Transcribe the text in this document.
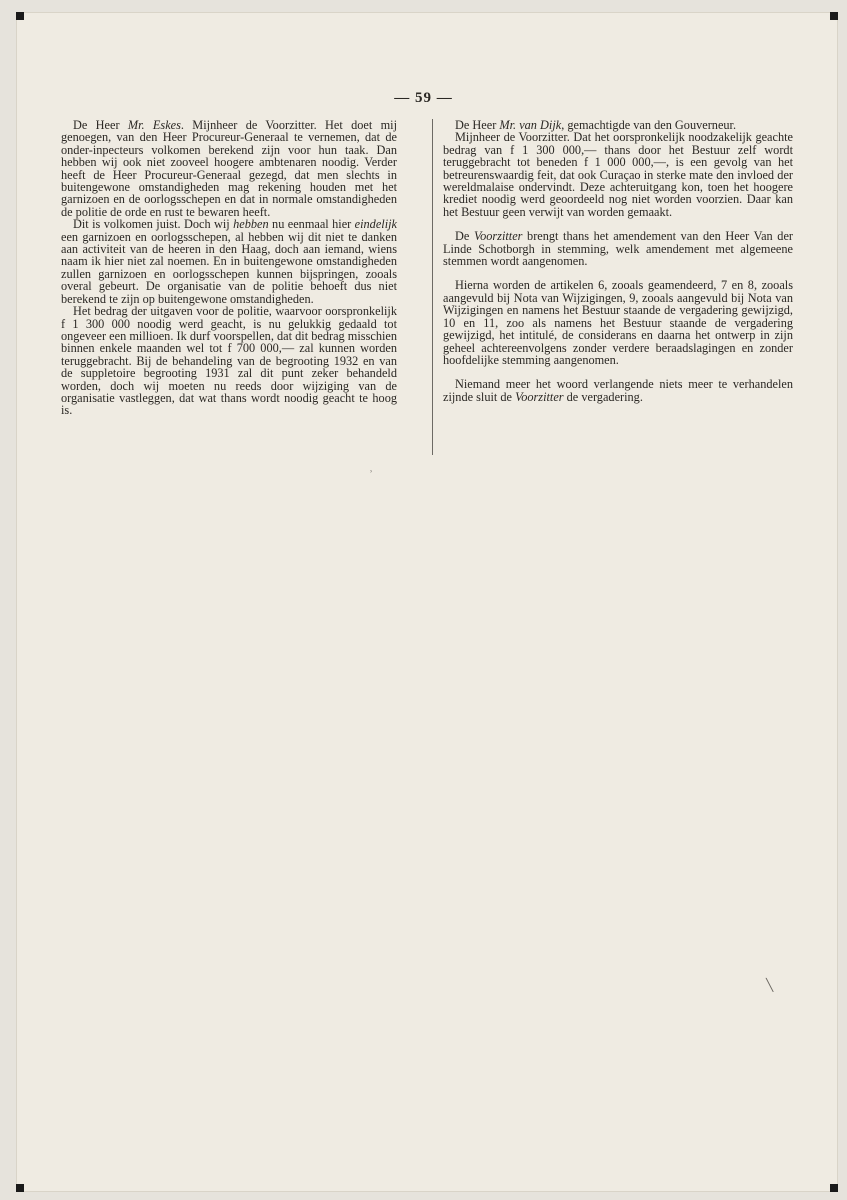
— 59 —

De Heer Mr. Eskes. Mijnheer de Voorzitter. Het doet mij genoegen, van den Heer Procureur-Generaal te vernemen, dat de onder-inpecteurs volkomen berekend zijn voor hun taak. Dan hebben wij ook niet zooveel hoogere ambtenaren noodig. Verder heeft de Heer Procureur-Generaal gezegd, dat men slechts in buitengewone omstandigheden mag rekening houden met het garnizoen en de oorlogsschepen en dat in normale omstandigheden de politie de orde en rust te bewaren heeft.

Dit is volkomen juist. Doch wij hebben nu eenmaal hier eindelijk een garnizoen en oorlogsschepen, al hebben wij dit niet te danken aan activiteit van de heeren in den Haag, doch aan iemand, wiens naam ik hier niet zal noemen. En in buitengewone omstandigheden zullen garnizoen en oorlogsschepen kunnen bijspringen, zooals overal gebeurt. De organisatie van de politie behoeft dus niet berekend te zijn op buitengewone omstandigheden.

Het bedrag der uitgaven voor de politie, waarvoor oorspronkelijk f 1 300 000 noodig werd geacht, is nu gelukkig gedaald tot ongeveer een millioen. Ik durf voorspellen, dat dit bedrag misschien binnen enkele maanden wel tot f 700 000,— zal kunnen worden teruggebracht. Bij de behandeling van de begrooting 1932 en van de suppletoire begrooting 1931 zal dit punt zeker behandeld worden, doch wij moeten nu reeds door wijziging van de organisatie vastleggen, dat wat thans wordt noodig geacht te hoog is.

De Heer Mr. van Dijk, gemachtigde van den Gouverneur.

Mijnheer de Voorzitter. Dat het oorspronkelijk noodzakelijk geachte bedrag van f 1 300 000,— thans door het Bestuur zelf wordt teruggebracht tot beneden f 1 000 000,—, is een gevolg van het betreurenswaardig feit, dat ook Curaçao in sterke mate den invloed der wereldmalaise ondervindt. Deze achteruitgang kon, toen het hoogere krediet noodig werd geoordeeld nog niet worden voorzien. Daar kan het Bestuur geen verwijt van worden gemaakt.

De Voorzitter brengt thans het amendement van den Heer Van der Linde Schotborgh in stemming, welk amendement met algemeene stemmen wordt aangenomen.

Hierna worden de artikelen 6, zooals geamendeerd, 7 en 8, zooals aangevuld bij Nota van Wijzigingen, 9, zooals aangevuld bij Nota van Wijzigingen en namens het Bestuur staande de vergadering gewijzigd, 10 en 11, zoo als namens het Bestuur staande de vergadering gewijzigd, het intitulé, de considerans en daarna het ontwerp in zijn geheel achtereenvolgens zonder verdere beraadslagingen en zonder hoofdelijke stemming aangenomen.

Niemand meer het woord verlangende niets meer te verhandelen zijnde sluit de Voorzitter de vergadering.

˒
╲
